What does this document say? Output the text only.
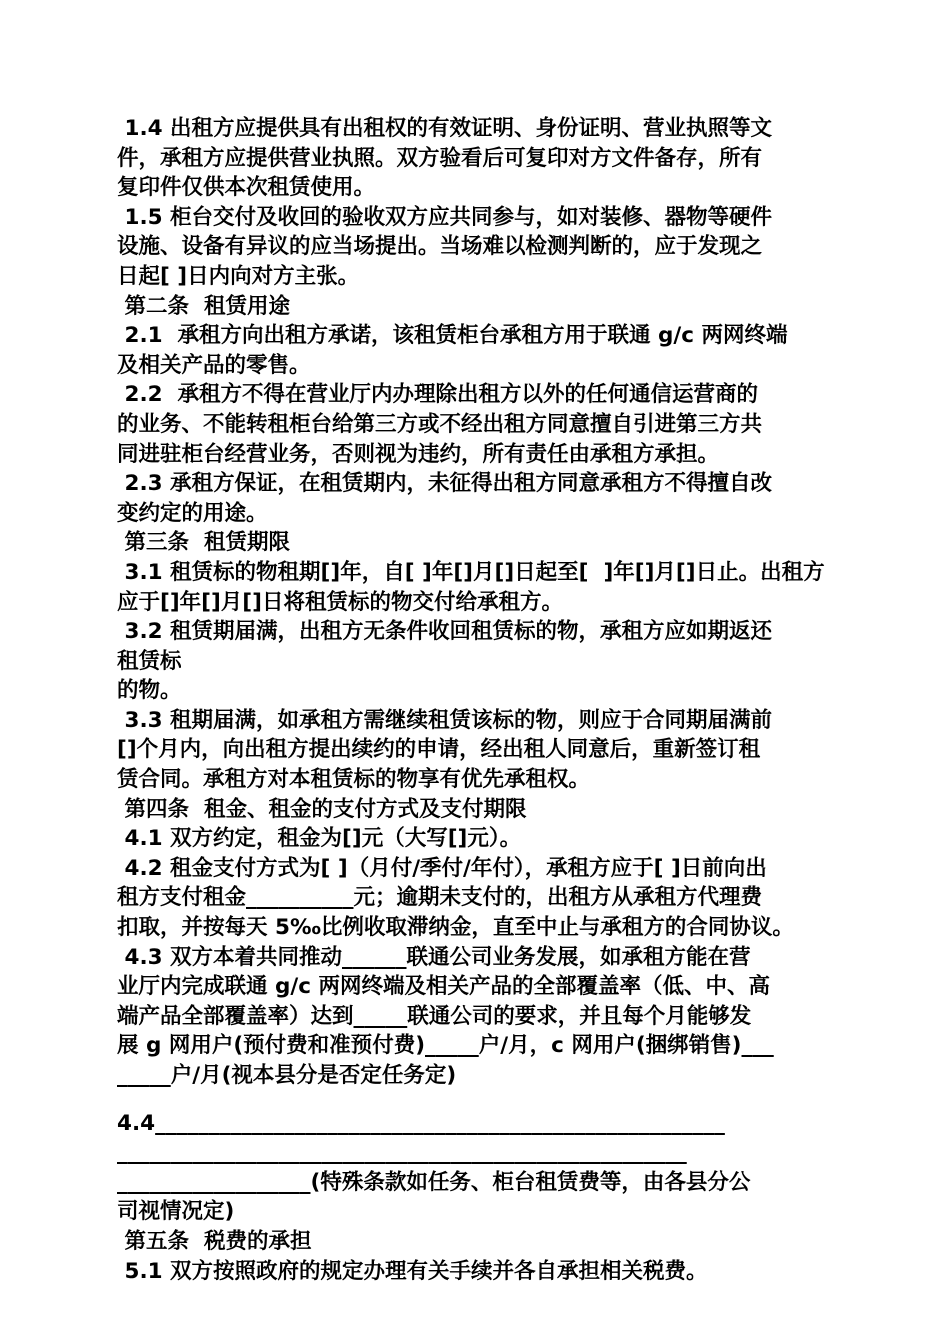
1.4 出租方应提供具有出租权的有效证明、身份证明、营业执照等文
件，承租方应提供营业执照。双方验看后可复印对方文件备存，所有
复印件仅供本次租赁使用。
1.5 柜台交付及收回的验收双方应共同参与，如对装修、器物等硬件
设施、设备有异议的应当场提出。当场难以检测判断的，应于发现之
日起[ ]日内向对方主张。
第二条  租赁用途
2.1  承租方向出租方承诺，该租赁柜台承租方用于联通 g/c 两网终端
及相关产品的零售。
2.2  承租方不得在营业厅内办理除出租方以外的任何通信运营商的
的业务、不能转租柜台给第三方或不经出租方同意擅自引进第三方共
同进驻柜台经营业务，否则视为违约，所有责任由承租方承担。
2.3 承租方保证，在租赁期内，未征得出租方同意承租方不得擅自改
变约定的用途。
第三条  租赁期限
3.1 租赁标的物租期[]年，自[ ]年[]月[]日起至[  ]年[]月[]日止。出租方
应于[]年[]月[]日将租赁标的物交付给承租方。
3.2 租赁期届满，出租方无条件收回租赁标的物，承租方应如期返还
租赁标
的物。
3.3 租期届满，如承租方需继续租赁该标的物，则应于合同期届满前
[]个月内，向出租方提出续约的申请，经出租人同意后，重新签订租
赁合同。承租方对本租赁标的物享有优先承租权。
第四条  租金、租金的支付方式及支付期限
4.1 双方约定，租金为[]元（大写[]元）。
4.2 租金支付方式为[ ]（月付/季付/年付），承租方应于[ ]日前向出
租方支付租金__________元；逾期未支付的，出租方从承租方代理费
扣取，并按每天 5‰比例收取滞纳金，直至中止与承租方的合同协议。
4.3 双方本着共同推动______联通公司业务发展，如承租方能在营
业厅内完成联通 g/c 两网终端及相关产品的全部覆盖率（低、中、高
端产品全部覆盖率）达到_____联通公司的要求，并且每个月能够发
展 g 网用户(预付费和准预付费)_____户/月，c 网用户(捆绑销售)___
_____户/月(视本县分是否定任务定)
4.4_____________________________________________________
_____________________________________________________
__________________(特殊条款如任务、柜台租赁费等，由各县分公
司视情况定)
第五条  税费的承担
5.1 双方按照政府的规定办理有关手续并各自承担相关税费。
